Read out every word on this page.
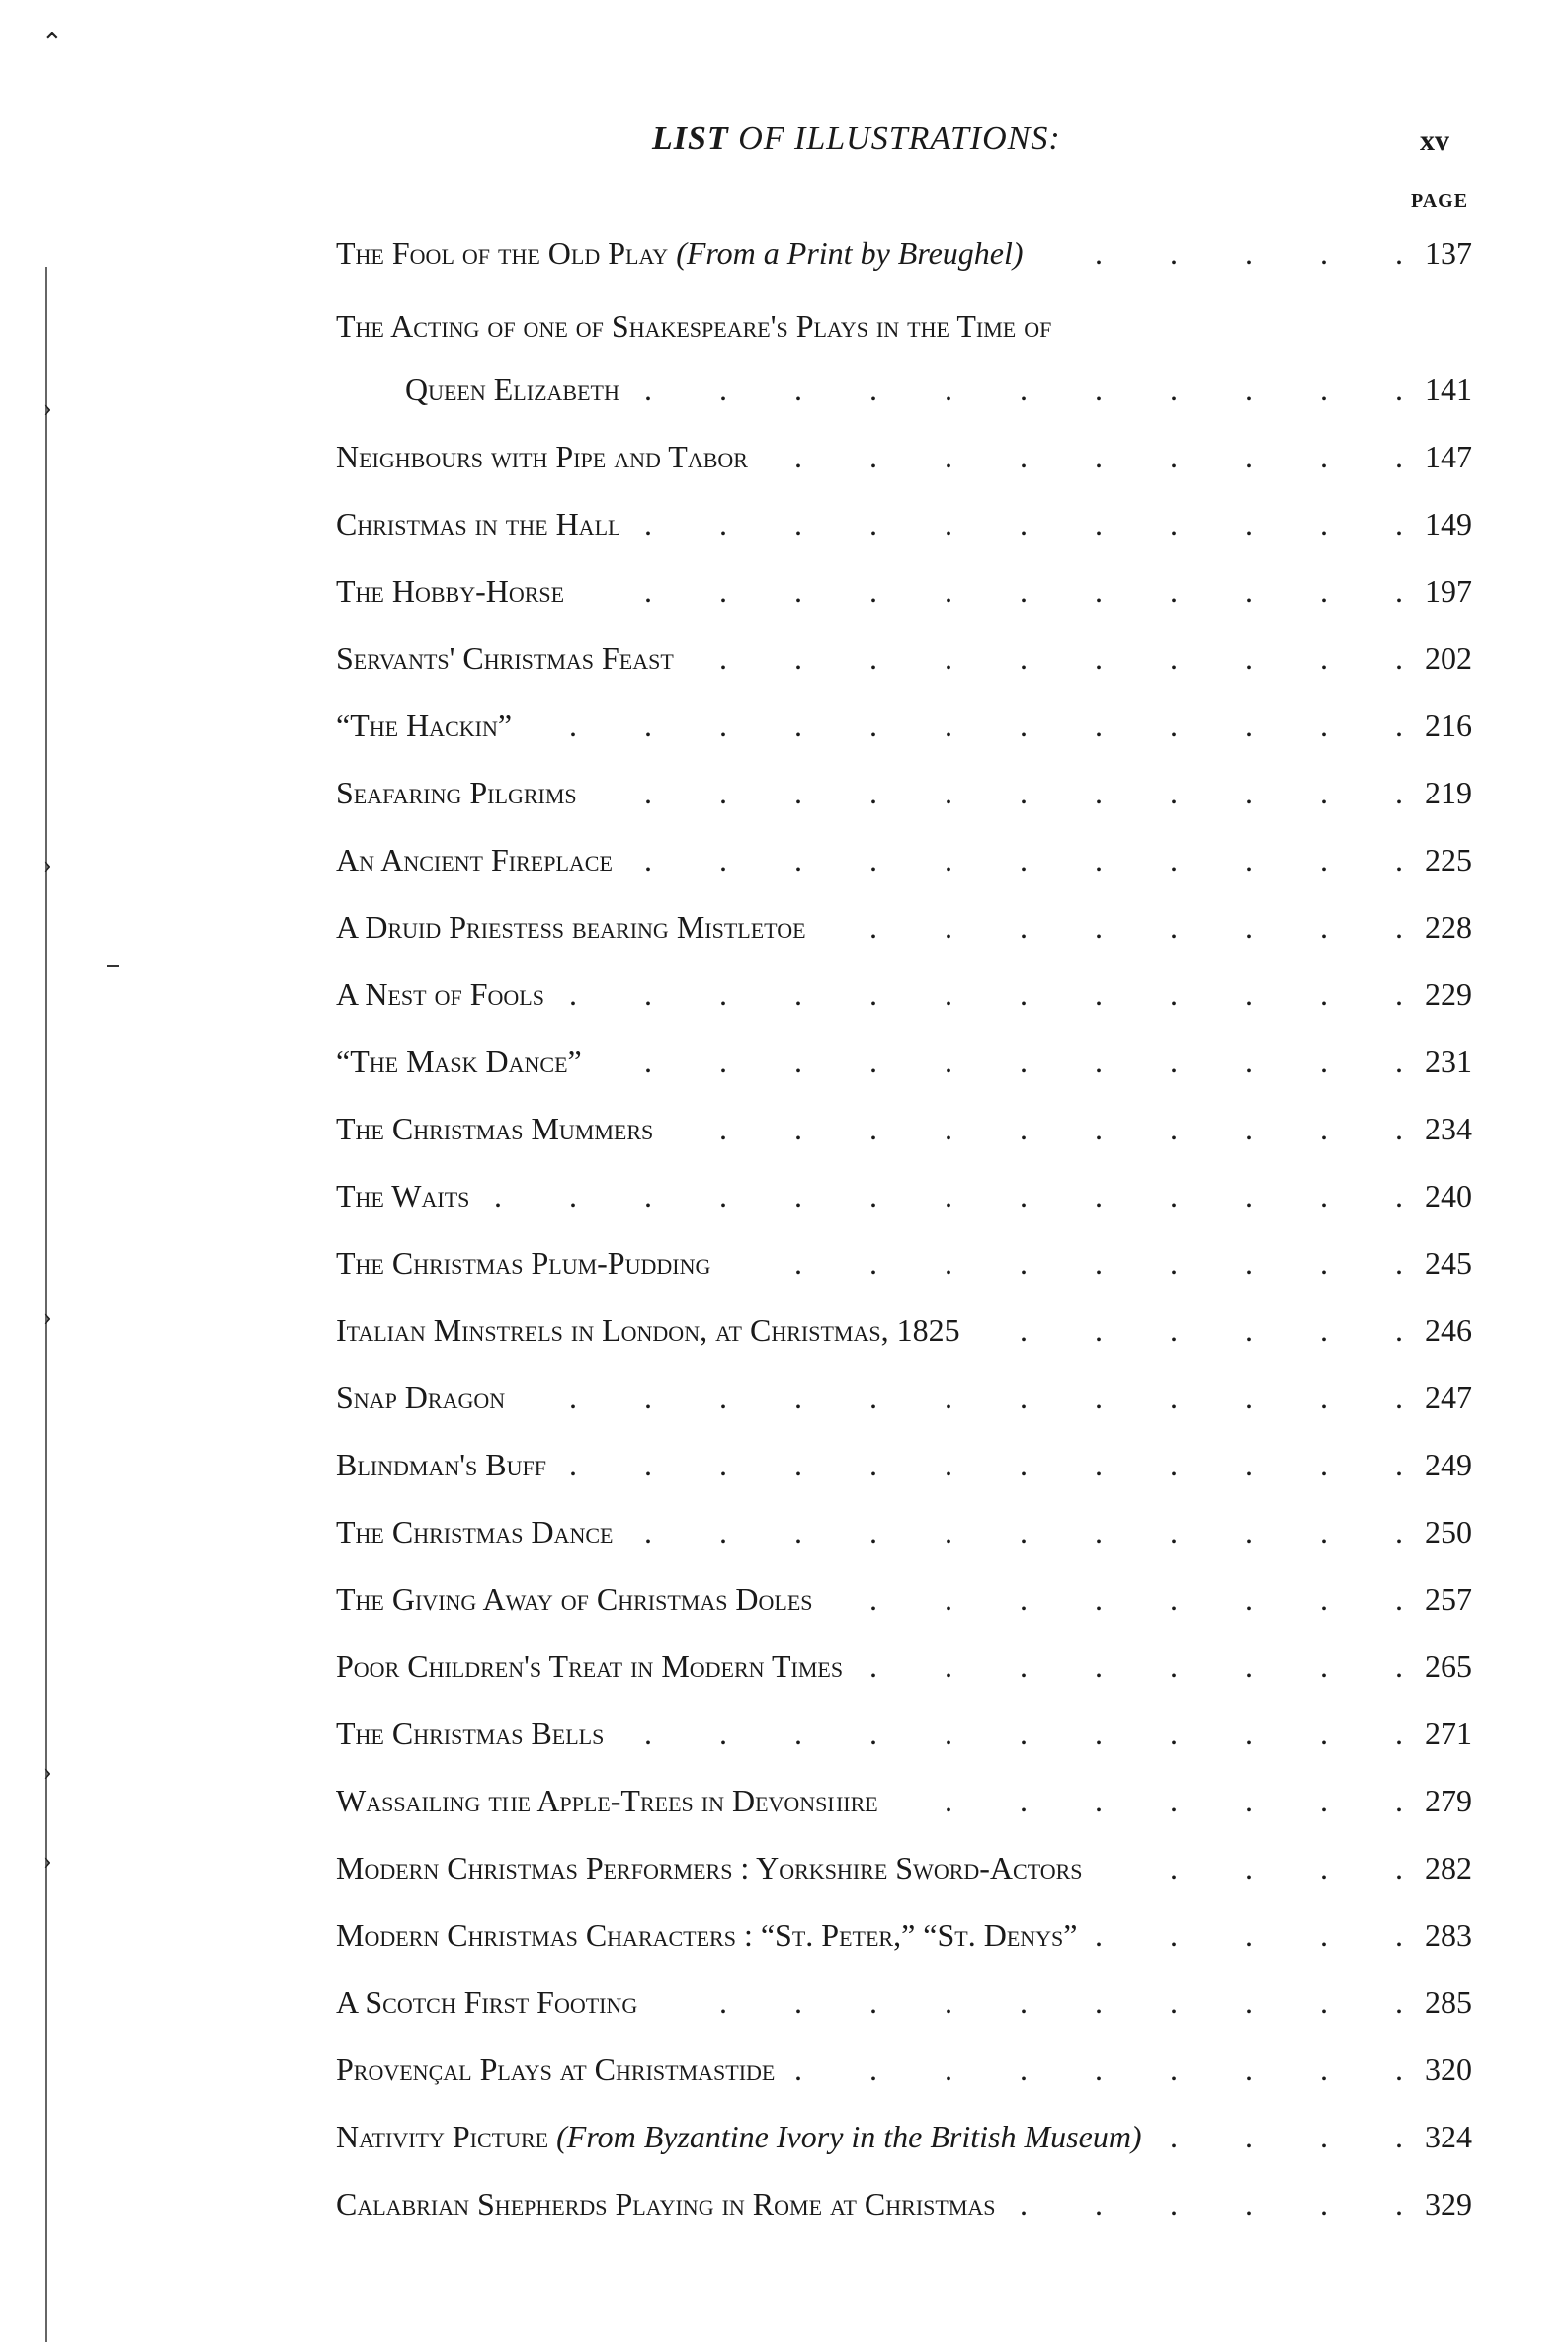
⌃
›
›
›
›
›
LIST OF ILLUSTRATIONS:	xv
PAGE
The Fool of the Old Play (From a Print by Breughel)	137
.
.
.
.
.
The Acting of one of Shakespeare's Plays in the Time of
Queen Elizabeth	141
.
.
.
.
.
.
.
.
.
.
.
Neighbours with Pipe and Tabor	147
.
.
.
.
.
.
.
.
.
Christmas in the Hall	149
.
.
.
.
.
.
.
.
.
.
.
The Hobby-Horse	197
.
.
.
.
.
.
.
.
.
.
.
Servants' Christmas Feast	202
.
.
.
.
.
.
.
.
.
.
“The Hackin”	216
.
.
.
.
.
.
.
.
.
.
.
.
Seafaring Pilgrims	219
.
.
.
.
.
.
.
.
.
.
.
An Ancient Fireplace	225
.
.
.
.
.
.
.
.
.
.
.
A Druid Priestess bearing Mistletoe	228
.
.
.
.
.
.
.
.
A Nest of Fools	229
.
.
.
.
.
.
.
.
.
.
.
.
“The Mask Dance”	231
.
.
.
.
.
.
.
.
.
.
.
The Christmas Mummers	234
.
.
.
.
.
.
.
.
.
.
The Waits	240
.
.
.
.
.
.
.
.
.
.
.
.
.
The Christmas Plum-Pudding	245
.
.
.
.
.
.
.
.
.
Italian Minstrels in London, at Christmas, 1825	246
.
.
.
.
.
.
Snap Dragon	247
.
.
.
.
.
.
.
.
.
.
.
.
Blindman's Buff	249
.
.
.
.
.
.
.
.
.
.
.
.
The Christmas Dance	250
.
.
.
.
.
.
.
.
.
.
.
The Giving Away of Christmas Doles	257
.
.
.
.
.
.
.
.
Poor Children's Treat in Modern Times	265
.
.
.
.
.
.
.
.
The Christmas Bells	271
.
.
.
.
.
.
.
.
.
.
.
Wassailing the Apple-Trees in Devonshire	279
.
.
.
.
.
.
.
Modern Christmas Performers : Yorkshire Sword-Actors	282
.
.
.
.
Modern Christmas Characters : “St. Peter,” “St. Denys”	283
.
.
.
.
.
A Scotch First Footing	285
.
.
.
.
.
.
.
.
.
.
Provençal Plays at Christmastide	320
.
.
.
.
.
.
.
.
.
Nativity Picture (From Byzantine Ivory in the British Museum)	324
.
.
.
.
Calabrian Shepherds Playing in Rome at Christmas	329
.
.
.
.
.
.
